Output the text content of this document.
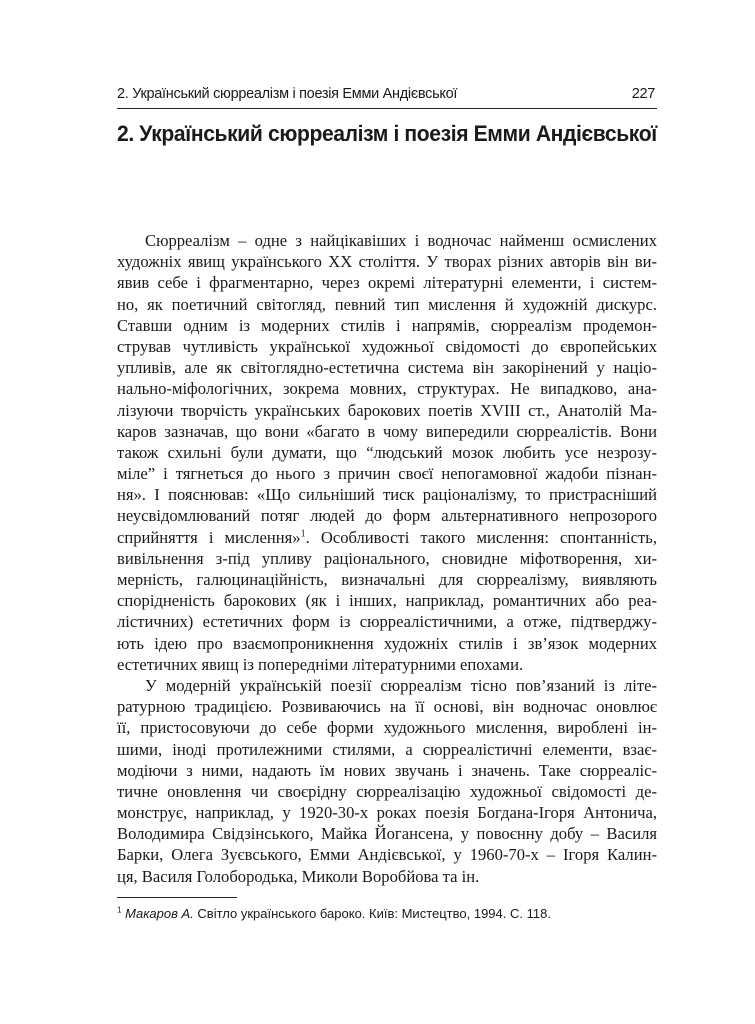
2. Український сюрреалізм і поезія Емми Андієвської	227
2. Український сюрреалізм і поезія Емми Андієвської
Сюрреалізм – одне з найцікавіших і водночас найменш осмислених
художніх явищ українського ХХ століття. У творах різних авторів він ви-
явив себе і фрагментарно, через окремі літературні елементи, і систем-
но, як поетичний світогляд, певний тип мислення й художній дискурс.
Ставши одним із модерних стилів і напрямів, сюрреалізм продемон-
стрував чутливість української художньої свідомості до європейських
упливів, але як світоглядно-естетична система він закорінений у націо-
нально-міфологічних, зокрема мовних, структурах. Не випадково, ана-
лізуючи творчість українських барокових поетів XVIII ст., Анатолій Ма-
каров зазначав, що вони «багато в чому випередили сюрреалістів. Вони
також схильні були думати, що “людський мозок любить усе незрозу-
міле” і тягнеться до нього з причин своєї непогамовної жадоби пізнан-
ня». І пояснював: «Що сильніший тиск раціоналізму, то пристрасніший
неусвідомлюваний потяг людей до форм альтернативного непрозорого
сприйняття і мислення»$^1$. Особливості такого мислення: спонтанність,
вивільнення з-під упливу раціонального, сновидне міфотворення, хи-
мерність, галюцинаційність, визначальні для сюрреалізму, виявляють
спорідненість барокових (як і інших, наприклад, романтичних або реа-
лістичних) естетичних форм із сюрреалістичними, а отже, підтверджу-
ють ідею про взаємопроникнення художніх стилів і зв’язок модерних
естетичних явищ із попередніми літературними епохами.
У модерній українській поезії сюрреалізм тісно пов’язаний із літе-
ратурною традицією. Розвиваючись на її основі, він водночас оновлює
її, пристосовуючи до себе форми художнього мислення, вироблені ін-
шими, іноді протилежними стилями, а сюрреалістичні елементи, взає-
модіючи з ними, надають їм нових звучань і значень. Таке сюрреаліс-
тичне оновлення чи своєрідну сюрреалізацію художньої свідомості де-
монструє, наприклад, у 1920-30-х роках поезія Богдана-Ігоря Антонича,
Володимира Свідзінського, Майка Йогансена, у повоєнну добу – Василя
Барки, Олега Зуєвського, Емми Андієвської, у 1960-70-х – Ігоря Калин-
ця, Василя Голобородька, Миколи Воробйова та ін.
$^1$ Макаров А. Світло українського бароко. Київ: Мистецтво, 1994. С. 118.
